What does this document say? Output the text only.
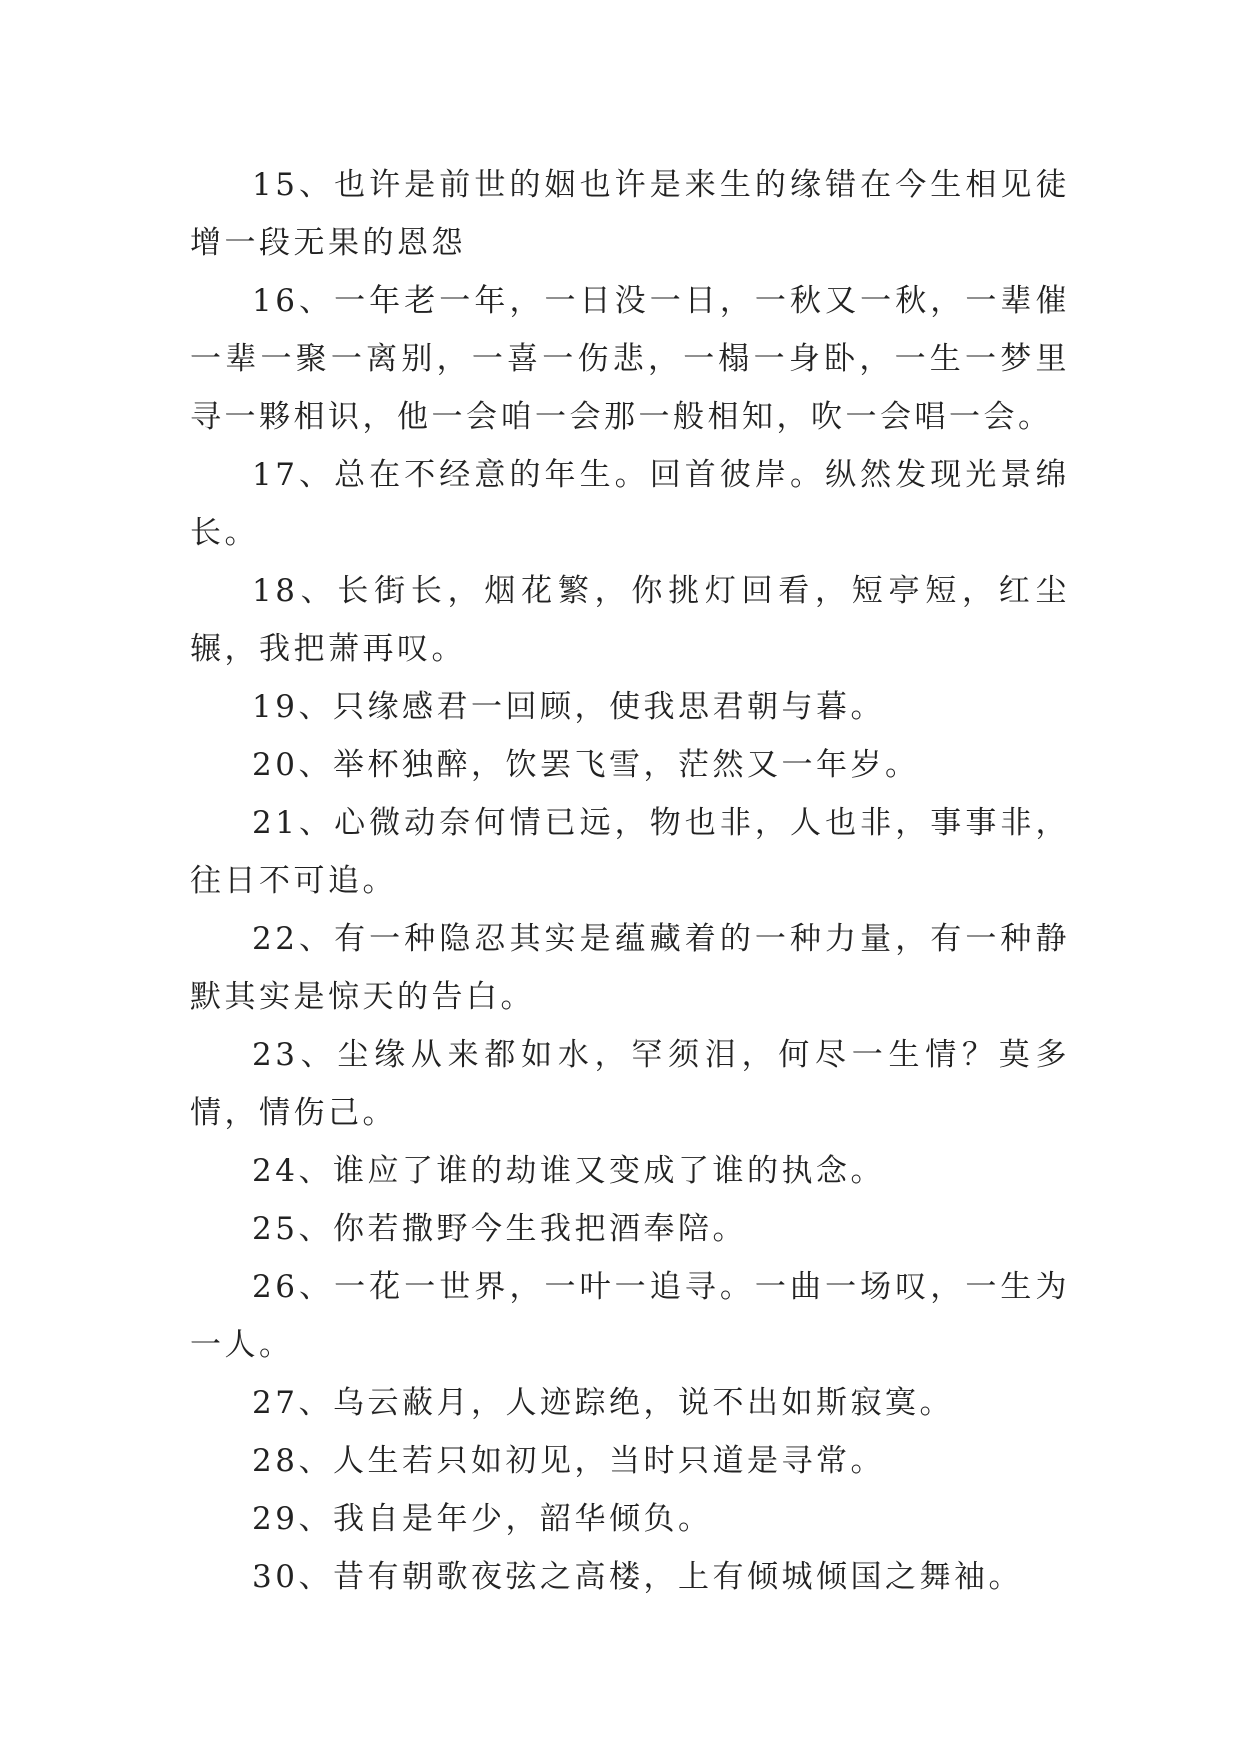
15、也许是前世的姻也许是来生的缘错在今生相见徒增一段无果的恩怨

16、一年老一年，一日没一日，一秋又一秋，一辈催一辈一聚一离别，一喜一伤悲，一榻一身卧，一生一梦里寻一夥相识，他一会咱一会那一般相知，吹一会唱一会。

17、总在不经意的年生。回首彼岸。纵然发现光景绵长。

18、长街长，烟花繁，你挑灯回看，短亭短，红尘辗，我把萧再叹。

19、只缘感君一回顾，使我思君朝与暮。

20、举杯独醉，饮罢飞雪，茫然又一年岁。

21、心微动奈何情已远，物也非，人也非，事事非，往日不可追。

22、有一种隐忍其实是蕴藏着的一种力量，有一种静默其实是惊天的告白。

23、尘缘从来都如水，罕须泪，何尽一生情？莫多情，情伤己。

24、谁应了谁的劫谁又变成了谁的执念。

25、你若撒野今生我把酒奉陪。

26、一花一世界，一叶一追寻。一曲一场叹，一生为一人。

27、乌云蔽月，人迹踪绝，说不出如斯寂寞。

28、人生若只如初见，当时只道是寻常。

29、我自是年少，韶华倾负。

30、昔有朝歌夜弦之高楼，上有倾城倾国之舞袖。
